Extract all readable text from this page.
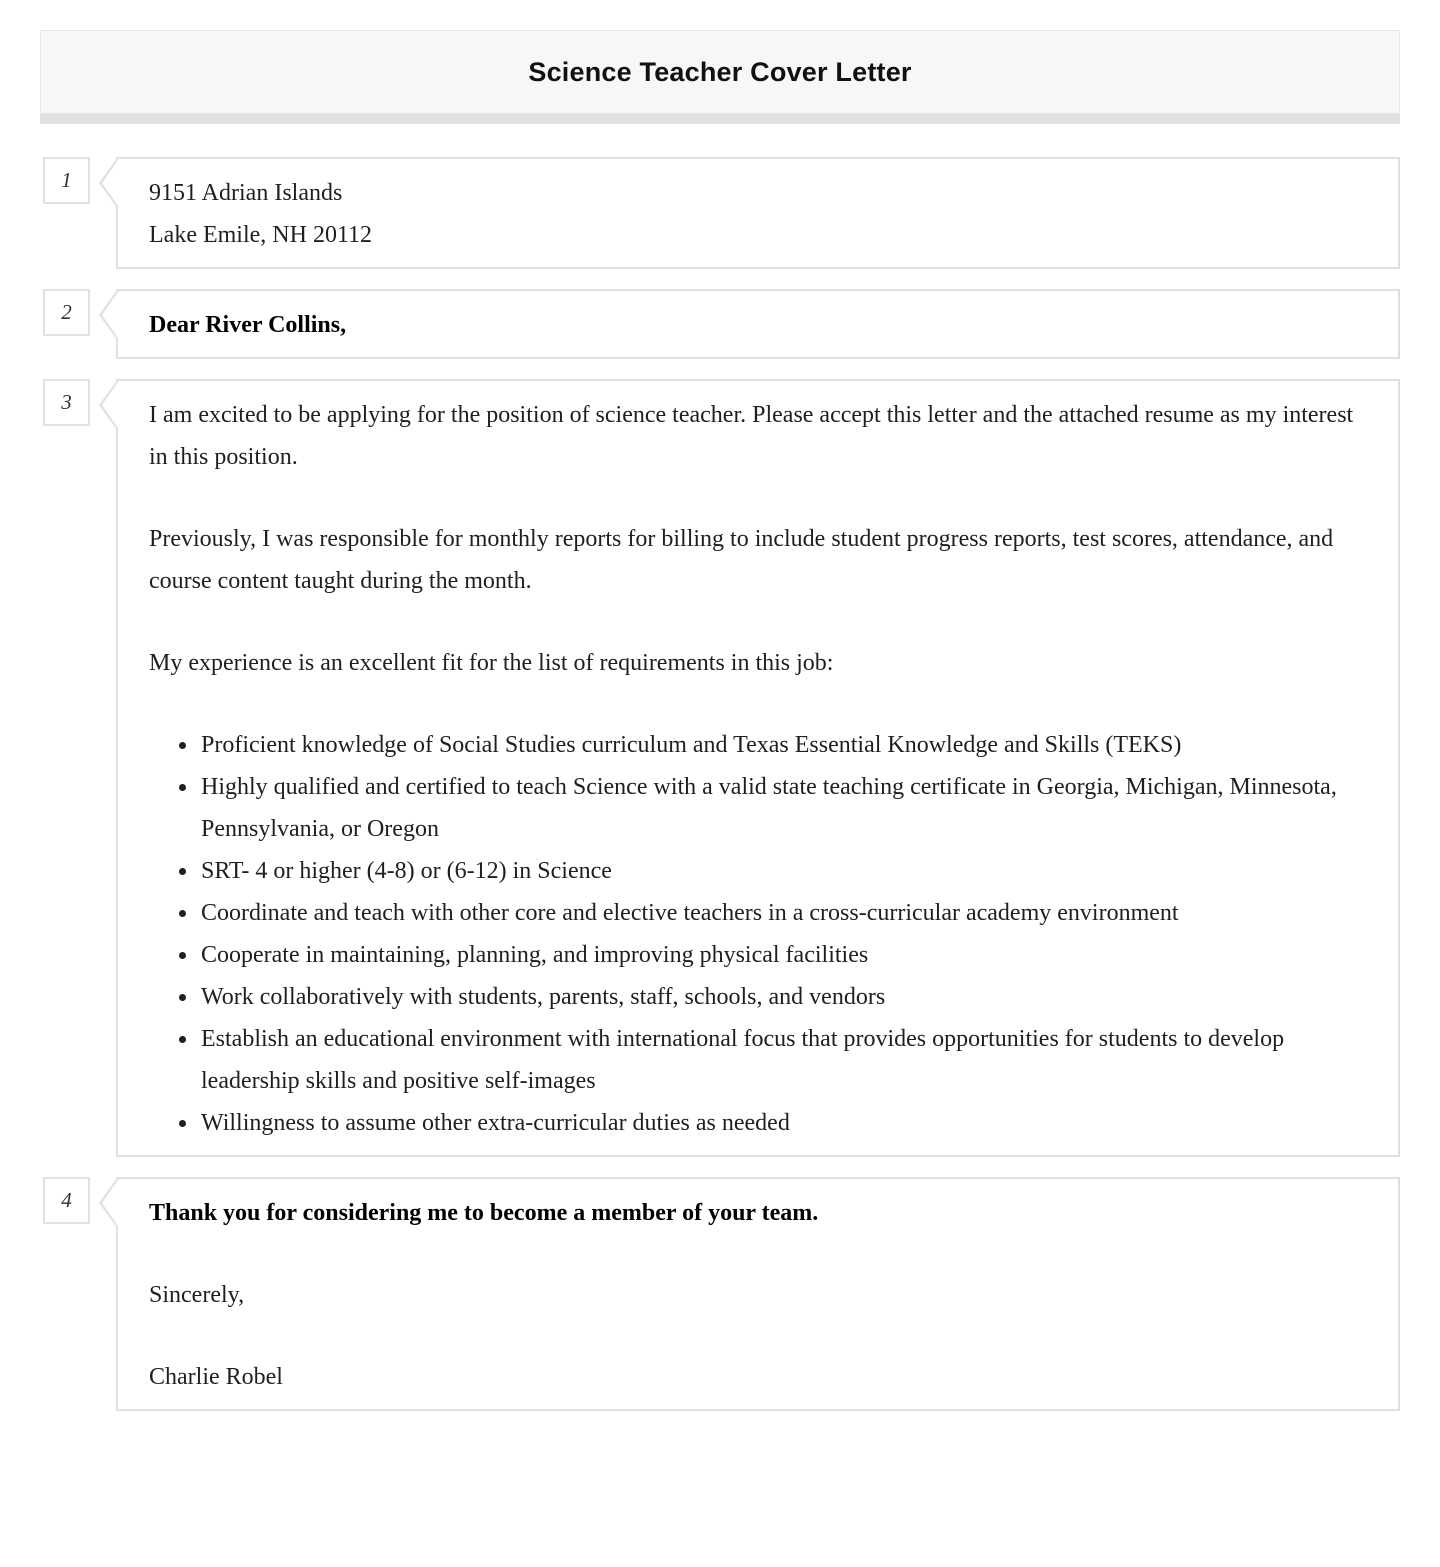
Science Teacher Cover Letter
1	9151 Adrian Islands
Lake Emile, NH 20112
2	Dear River Collins,

3	I am excited to be applying for the position of science teacher. Please accept this letter and the attached resume as my interest in this position.

Previously, I was responsible for monthly reports for billing to include student progress reports, test scores, attendance, and course content taught during the month.

My experience is an excellent fit for the list of requirements in this job:

• Proficient knowledge of Social Studies curriculum and Texas Essential Knowledge and Skills (TEKS)
• Highly qualified and certified to teach Science with a valid state teaching certificate in Georgia, Michigan, Minnesota, Pennsylvania, or Oregon
• SRT- 4 or higher (4-8) or (6-12) in Science
• Coordinate and teach with other core and elective teachers in a cross-curricular academy environment
• Cooperate in maintaining, planning, and improving physical facilities
• Work collaboratively with students, parents, staff, schools, and vendors
• Establish an educational environment with international focus that provides opportunities for students to develop leadership skills and positive self-images
• Willingness to assume other extra-curricular duties as needed
4	Thank you for considering me to become a member of your team.

Sincerely,

Charlie Robel
